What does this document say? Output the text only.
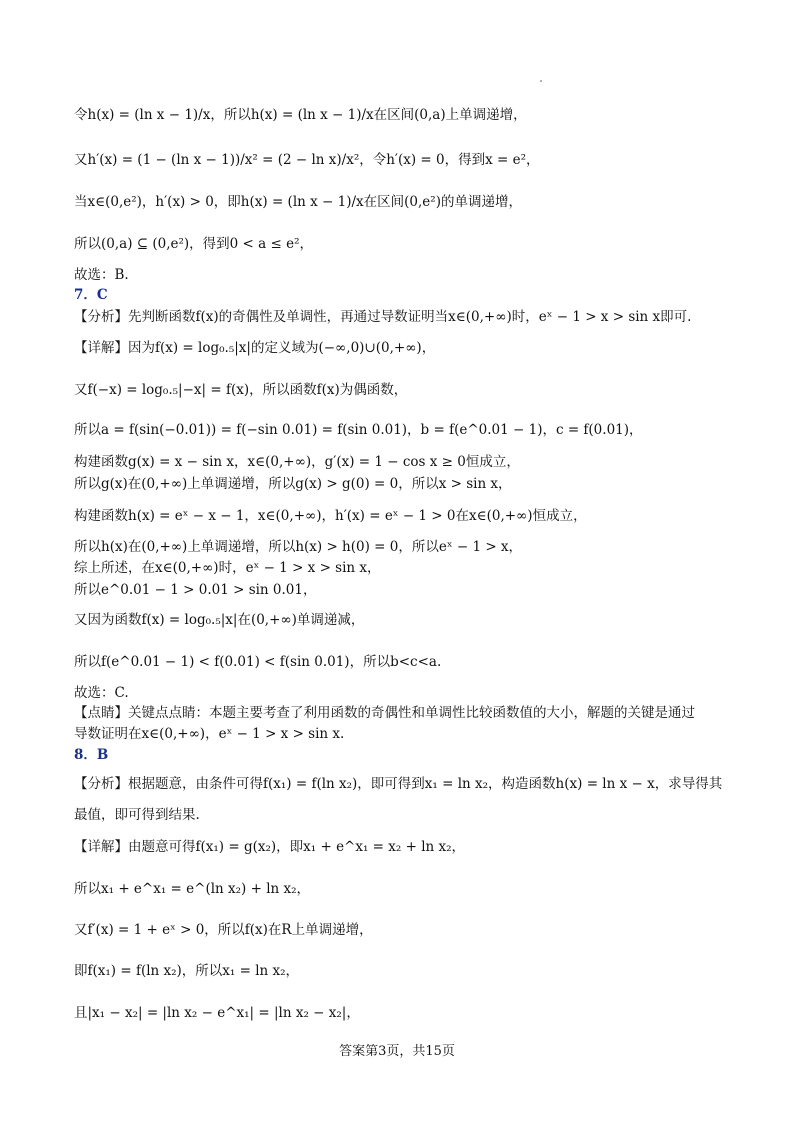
令h(x) = (ln x − 1)/x，所以h(x) = (ln x − 1)/x在区间(0,a)上单调递增，
又h′(x) = (1 − (ln x − 1))/x² = (2 − ln x)/x²，令h′(x) = 0，得到x = e²，
当x∈(0,e²)，h′(x) > 0，即h(x) = (ln x − 1)/x在区间(0,e²)的单调递增，
所以(0,a) ⊆ (0,e²)，得到0 < a ≤ e²，
故选：B.
7．C
【分析】先判断函数f(x)的奇偶性及单调性，再通过导数证明当x∈(0,+∞)时，eˣ − 1 > x > sin x即可.
【详解】因为f(x) = log₀.₅|x|的定义域为(−∞,0)∪(0,+∞)，
又f(−x) = log₀.₅|−x| = f(x)，所以函数f(x)为偶函数，
所以a = f(sin(−0.01)) = f(−sin 0.01) = f(sin 0.01)，b = f(e^0.01 − 1)，c = f(0.01)，
构建函数g(x) = x − sin x，x∈(0,+∞)，g′(x) = 1 − cos x ≥ 0恒成立，
所以g(x)在(0,+∞)上单调递增，所以g(x) > g(0) = 0，所以x > sin x，
构建函数h(x) = eˣ − x − 1，x∈(0,+∞)，h′(x) = eˣ − 1 > 0在x∈(0,+∞)恒成立，
所以h(x)在(0,+∞)上单调递增，所以h(x) > h(0) = 0，所以eˣ − 1 > x，
综上所述，在x∈(0,+∞)时，eˣ − 1 > x > sin x，
所以e^0.01 − 1 > 0.01 > sin 0.01，
又因为函数f(x) = log₀.₅|x|在(0,+∞)单调递减，
所以f(e^0.01 − 1) < f(0.01) < f(sin 0.01)，所以b<c<a.
故选：C.
【点睛】关键点点睛：本题主要考查了利用函数的奇偶性和单调性比较函数值的大小，解题的关键是通过
导数证明在x∈(0,+∞)，eˣ − 1 > x > sin x.
8．B
【分析】根据题意，由条件可得f(x₁) = f(ln x₂)，即可得到x₁ = ln x₂，构造函数h(x) = ln x − x，求导得其
最值，即可得到结果.
【详解】由题意可得f(x₁) = g(x₂)，即x₁ + e^x₁ = x₂ + ln x₂，
所以x₁ + e^x₁ = e^(ln x₂) + ln x₂，
又f′(x) = 1 + eˣ > 0，所以f(x)在R上单调递增，
即f(x₁) = f(ln x₂)，所以x₁ = ln x₂，
且|x₁ − x₂| = |ln x₂ − e^x₁| = |ln x₂ − x₂|，
答案第3页，共15页
